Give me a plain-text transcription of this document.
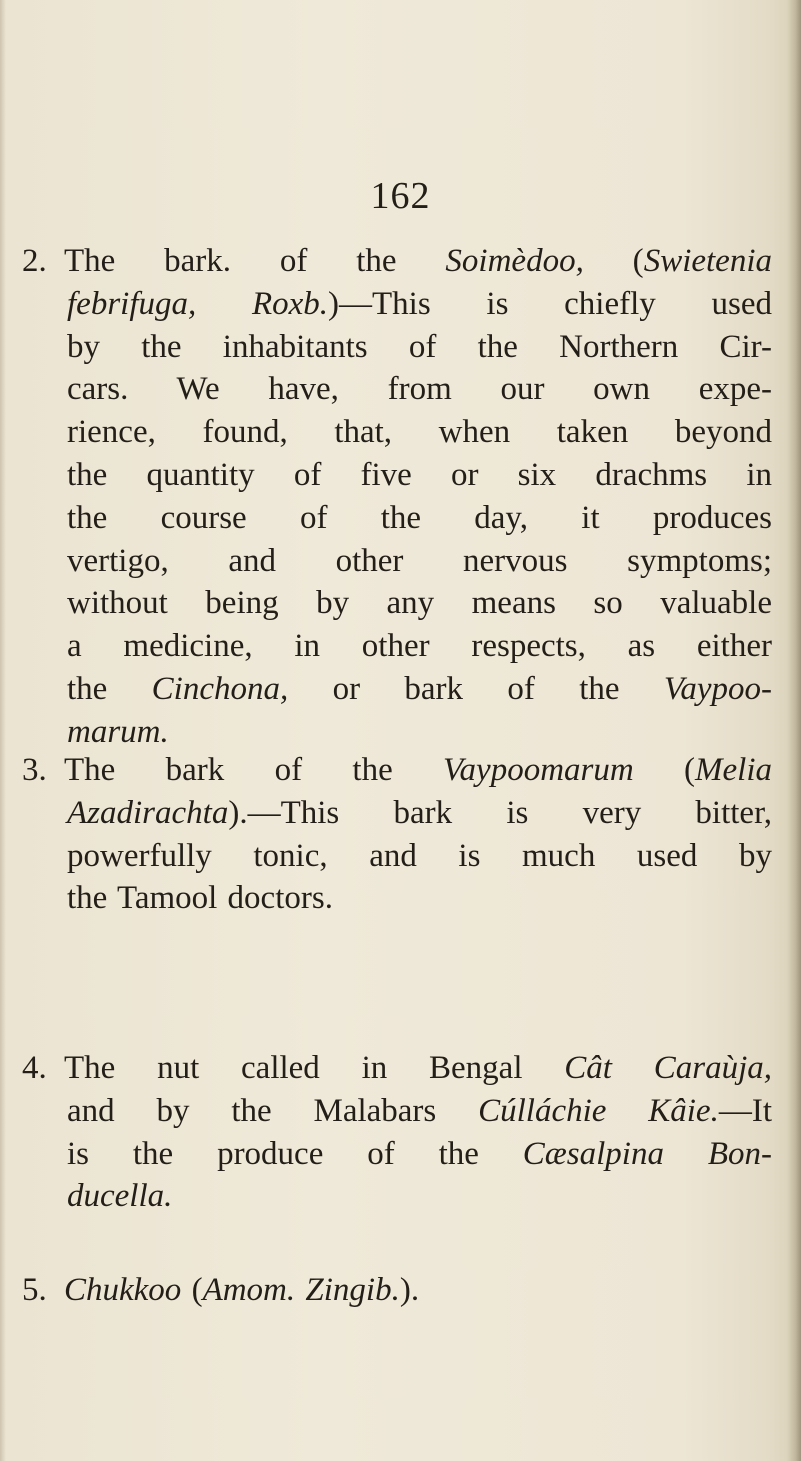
162
2. The bark. of the Soimèdoo, (Swietenia
febrifuga, Roxb.)—This is chiefly used
by the inhabitants of the Northern Cir-
cars. We have, from our own expe-
rience, found, that, when taken beyond
the quantity of five or six drachms in
the course of the day, it produces
vertigo, and other nervous symptoms;
without being by any means so valuable
a medicine, in other respects, as either
the Cinchona, or bark of the Vaypoo-
marum.
3. The bark of the Vaypoomarum (Melia
Azadirachta).—This bark is very bitter,
powerfully tonic, and is much used by
the Tamool doctors.
4. The nut called in Bengal Cât Caraùja,
and by the Malabars Cúlláchie Kâie.—It
is the produce of the Cæsalpina Bon-
ducella.
5. Chukkoo (Amom. Zingib.).
